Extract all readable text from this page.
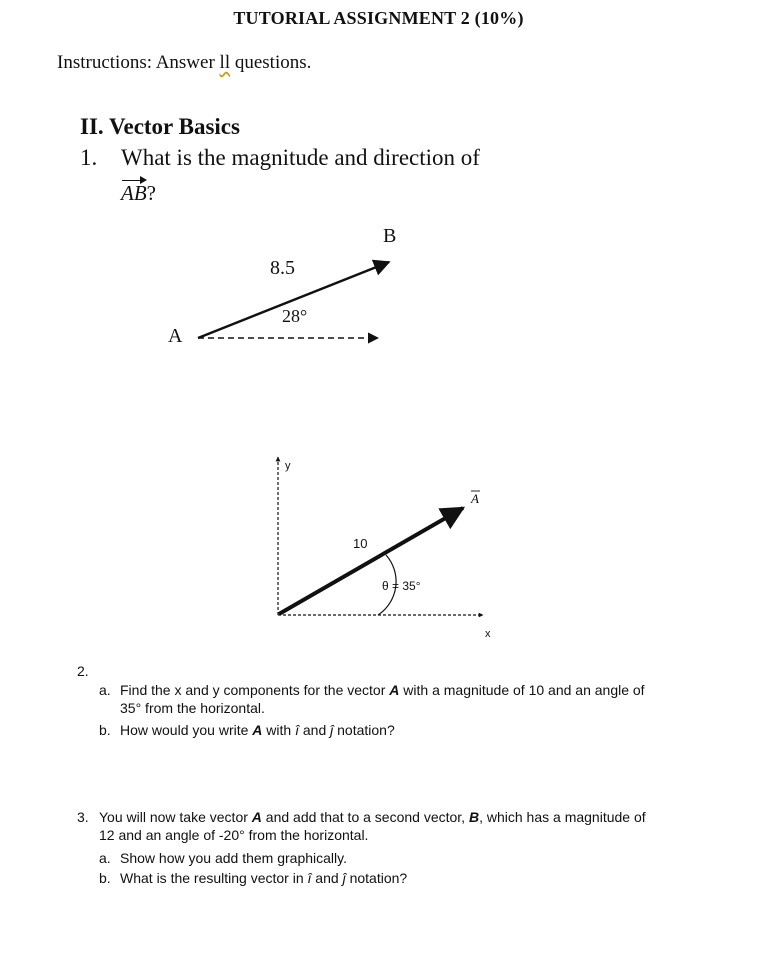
TUTORIAL ASSIGNMENT 2 (10%)
Instructions: Answer ll questions.
II. Vector Basics
1. What is the magnitude and direction of
AB?
B
8.5
28°
A
y
x
A
10
θ = 35°
2.
a. Find the x and y components for the vector A with a magnitude of 10 and an angle of 35° from the horizontal.
b. How would you write A with î and ĵ notation?
3. You will now take vector A and add that to a second vector, B, which has a magnitude of 12 and an angle of -20° from the horizontal.
a. Show how you add them graphically.
b. What is the resulting vector in î and ĵ notation?
